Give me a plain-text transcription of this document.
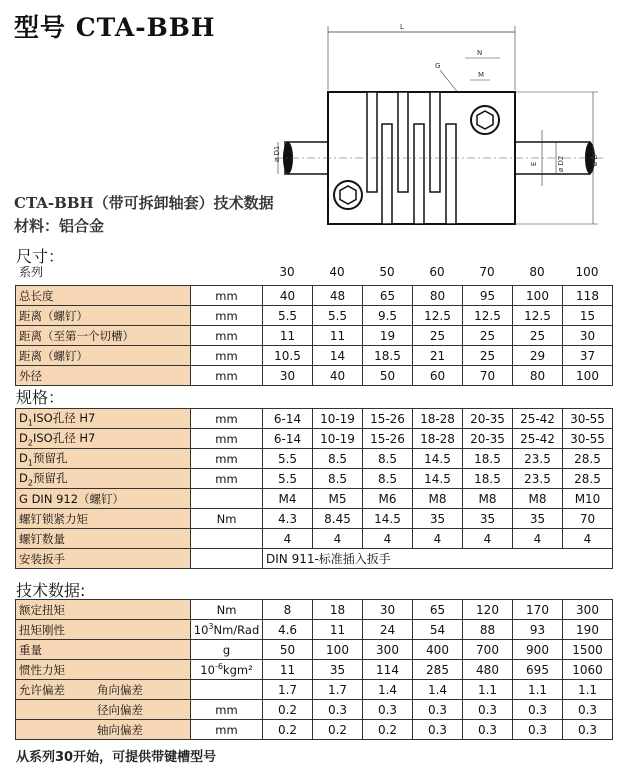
型号 CTA-BBH	L
N
M
G
ø D1
E	ø D2	ø D
CTA-BBH（带可拆卸轴套）技术数据
材料：铝合金
尺寸：
系列	30	40	50	60	70	80	100
总长度	mm	40	48	65	80	95	100	118
距离（螺钉）	mm	5.5	5.5	9.5	12.5	12.5	12.5	15
距离（至第一个切槽）	mm	11	11	19	25	25	25	30
距离（螺钉）	mm	10.5	14	18.5	21	25	29	37
外径	mm	30	40	50	60	70	80	100
规格：
$D_1ISO$孔径 H7	mm	6-14	10-19	15-26	18-28	20-35	25-42	30-55
$D_2ISO$孔径 H7	mm	6-14	10-19	15-26	18-28	20-35	25-42	30-55
$D_1$预留孔	mm	5.5	8.5	8.5	14.5	18.5	23.5	28.5
$D_2$预留孔	mm	5.5	8.5	8.5	14.5	18.5	23.5	28.5
G DIN 912（螺钉）		M4	M5	M6	M8	M8	M8	M10
螺钉锁紧力矩	Nm	4.3	8.45	14.5	35	35	35	70
螺钉数量		4	4	4	4	4	4	4
安装扳手		DIN 911-标准插入扳手						
技术数据:
额定扭矩	Nm	8	18	30	65	120	170	300
扭矩刚性	$10^3Nm$/Rad	4.6	11	24	54	88	93	190
重量	g	50	100	300	400	700	900	1500
惯性力矩	$10^{-6}kgm^2$	11	35	114	285	480	695	1060
允许偏差 角向偏差		1.7	1.7	1.4	1.4	1.1	1.1	1.1
径向偏差	mm	0.2	0.3	0.3	0.3	0.3	0.3	0.3
轴向偏差	mm	0.2	0.2	0.2	0.3	0.3	0.3	0.3
从系列30开始，可提供带键槽型号
